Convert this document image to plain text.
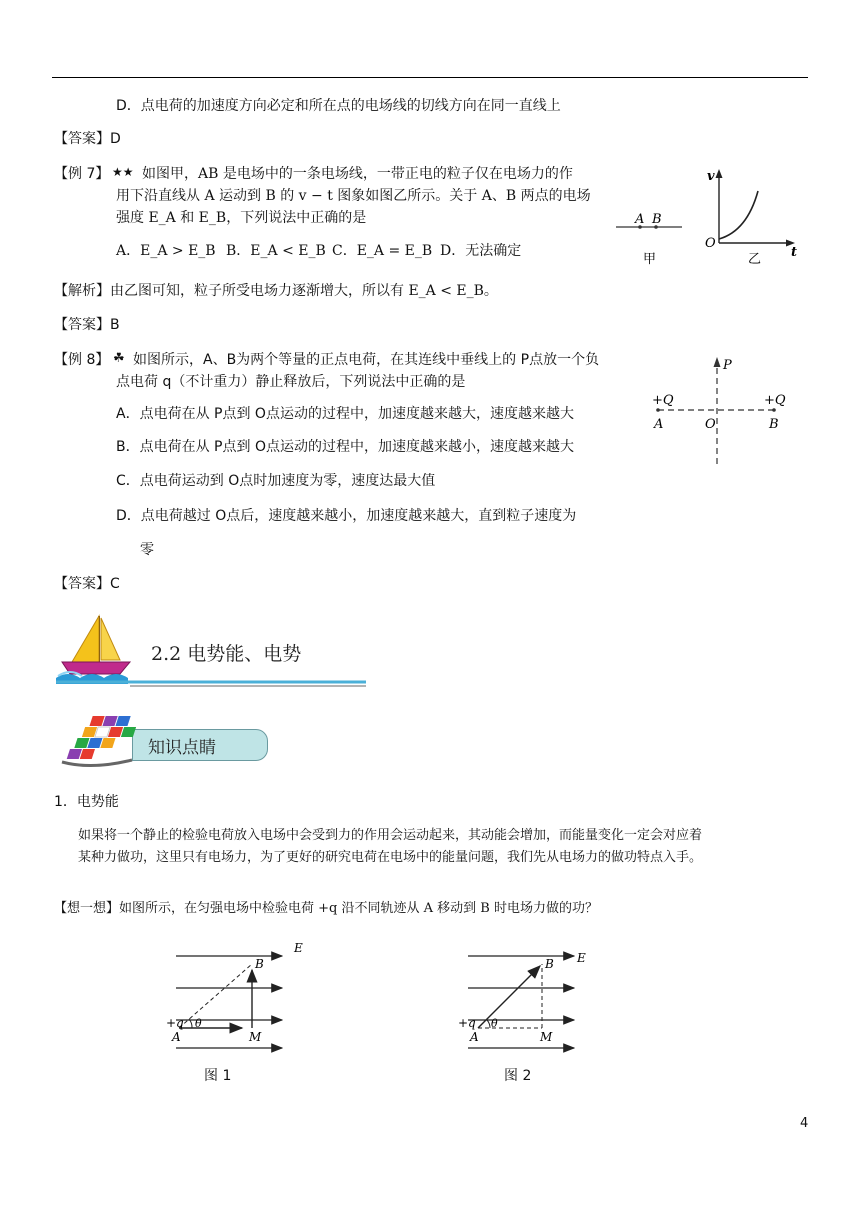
D．点电荷的加速度方向必定和所在点的电场线的切线方向在同一直线上
【答案】D
【例 7】 ★★ 如图甲，AB 是电场中的一条电场线，一带正电的粒子仅在电场力的作
用下沿直线从 A 运动到 B 的 v − t 图象如图乙所示。关于 A、B 两点的电场
强度 E_A 和 E_B，下列说法中正确的是
A．E_A > E_B B．E_A < E_B C．E_A = E_B D．无法确定
A B
甲
v
O
t
乙
【解析】由乙图可知，粒子所受电场力逐渐增大，所以有 E_A < E_B。
【答案】B
【例 8】 ☘ 如图所示，A、B为两个等量的正点电荷，在其连线中垂线上的 P点放一个负
点电荷 q（不计重力）静止释放后，下列说法中正确的是
A．点电荷在从 P点到 O点运动的过程中，加速度越来越大，速度越来越大
B．点电荷在从 P点到 O点运动的过程中，加速度越来越小，速度越来越大
C．点电荷运动到 O点时加速度为零，速度达最大值
D．点电荷越过 O点后，速度越来越小，加速度越来越大，直到粒子速度为
零
P
+Q	+Q
A	O	B
【答案】C
2.2 电势能、电势
知识点睛
1．电势能
如果将一个静止的检验电荷放入电场中会受到力的作用会运动起来，其动能会增加，而能量变化一定会对应着
某种力做功，这里只有电场力，为了更好的研究电荷在电场中的能量问题，我们先从电场力的做功特点入手。
【想一想】如图所示，在匀强电场中检验电荷 +q 沿不同轨迹从 A 移动到 B 时电场力做的功？
E
B
+q θ
A	M
图 1
E
B
+q θ
A	M
图 2
4
